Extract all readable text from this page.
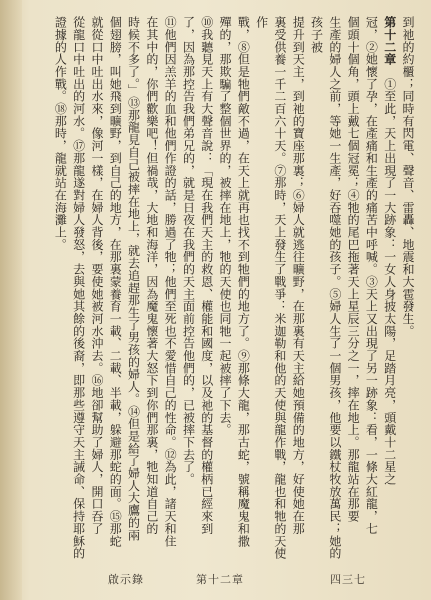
到祂的約櫃；同時有閃電、聲音、雷轟、地震和大雹發生。

第十二章　①至此，天上出現了一大跡象：一女人身披太陽，足踏月亮，頭戴十二星之

冠，②她懷了孕，在產痛和生產的痛苦中呼喊。③天上又出現了另一跡象：看，一條大紅龍，七

個頭十個角，頭上戴七個冠冕；④牠的尾巴拖著天上星辰三分之一，摔在地上。那龍站在那要

生產的婦人之前，等她一生產，好吞噬她的孩子。⑤婦人生了一個男孩，他要以鐵杖牧放萬民；她的孩子被

提升到天主，到祂的寶座那裏；⑥婦人就逃往曠野，在那裏有天主給她預備的地方，好使她在那

裏受供養一千二百六十天。⑦那時，天上發生了戰爭：米迦勒和他的天使與龍作戰，龍也和牠的天使作

戰，⑧但是牠們敵不過，在天上就再也找不到牠們的地方了。⑨那條大龍，那古蛇，號稱魔鬼和撒

殫的，那欺騙了整個世界的，被摔在地上，牠的天使也同牠一起被摔了下去。

⑩我聽見天上有大聲音說：「現在我們天主的救恩、權能和國度，以及祂的基督的權柄已經來到

了，因為那控告我們弟兄的，就是日夜在我們的天主面前控告他們的，已被摔下去了。

⑪他們因羔羊的血和他們作證的話，勝過了牠；他們至死也不愛惜自己的性命。⑫為此，諸天和住

在其中的，你們歡樂吧！但禍哉，大地和海洋，因為魔鬼懷著大怒下到你們那裏，牠知道自己的

時候不多了。」⑬那龍見自己被摔在地上，就去追趕那生了男孩的婦人。⑭但是給了婦人大鷹的兩

個翅膀，叫她飛到曠野，到自己的地方，在那裏蒙養育一載、二載、半載，躲避那蛇的面。⑮那蛇

就從口中吐出水來，像河一樣，在婦人背後，要使她被河水沖去。⑯地卻幫助了婦人，開口吞了

從龍口中吐出的河水。⑰那龍遂對婦人發怒，去與她其餘的後裔，即那些遵守天主誡命、保持耶穌的

證據的人作戰。⑱那時，龍就站在海灘上。

啟示錄	第十二章	四三七
